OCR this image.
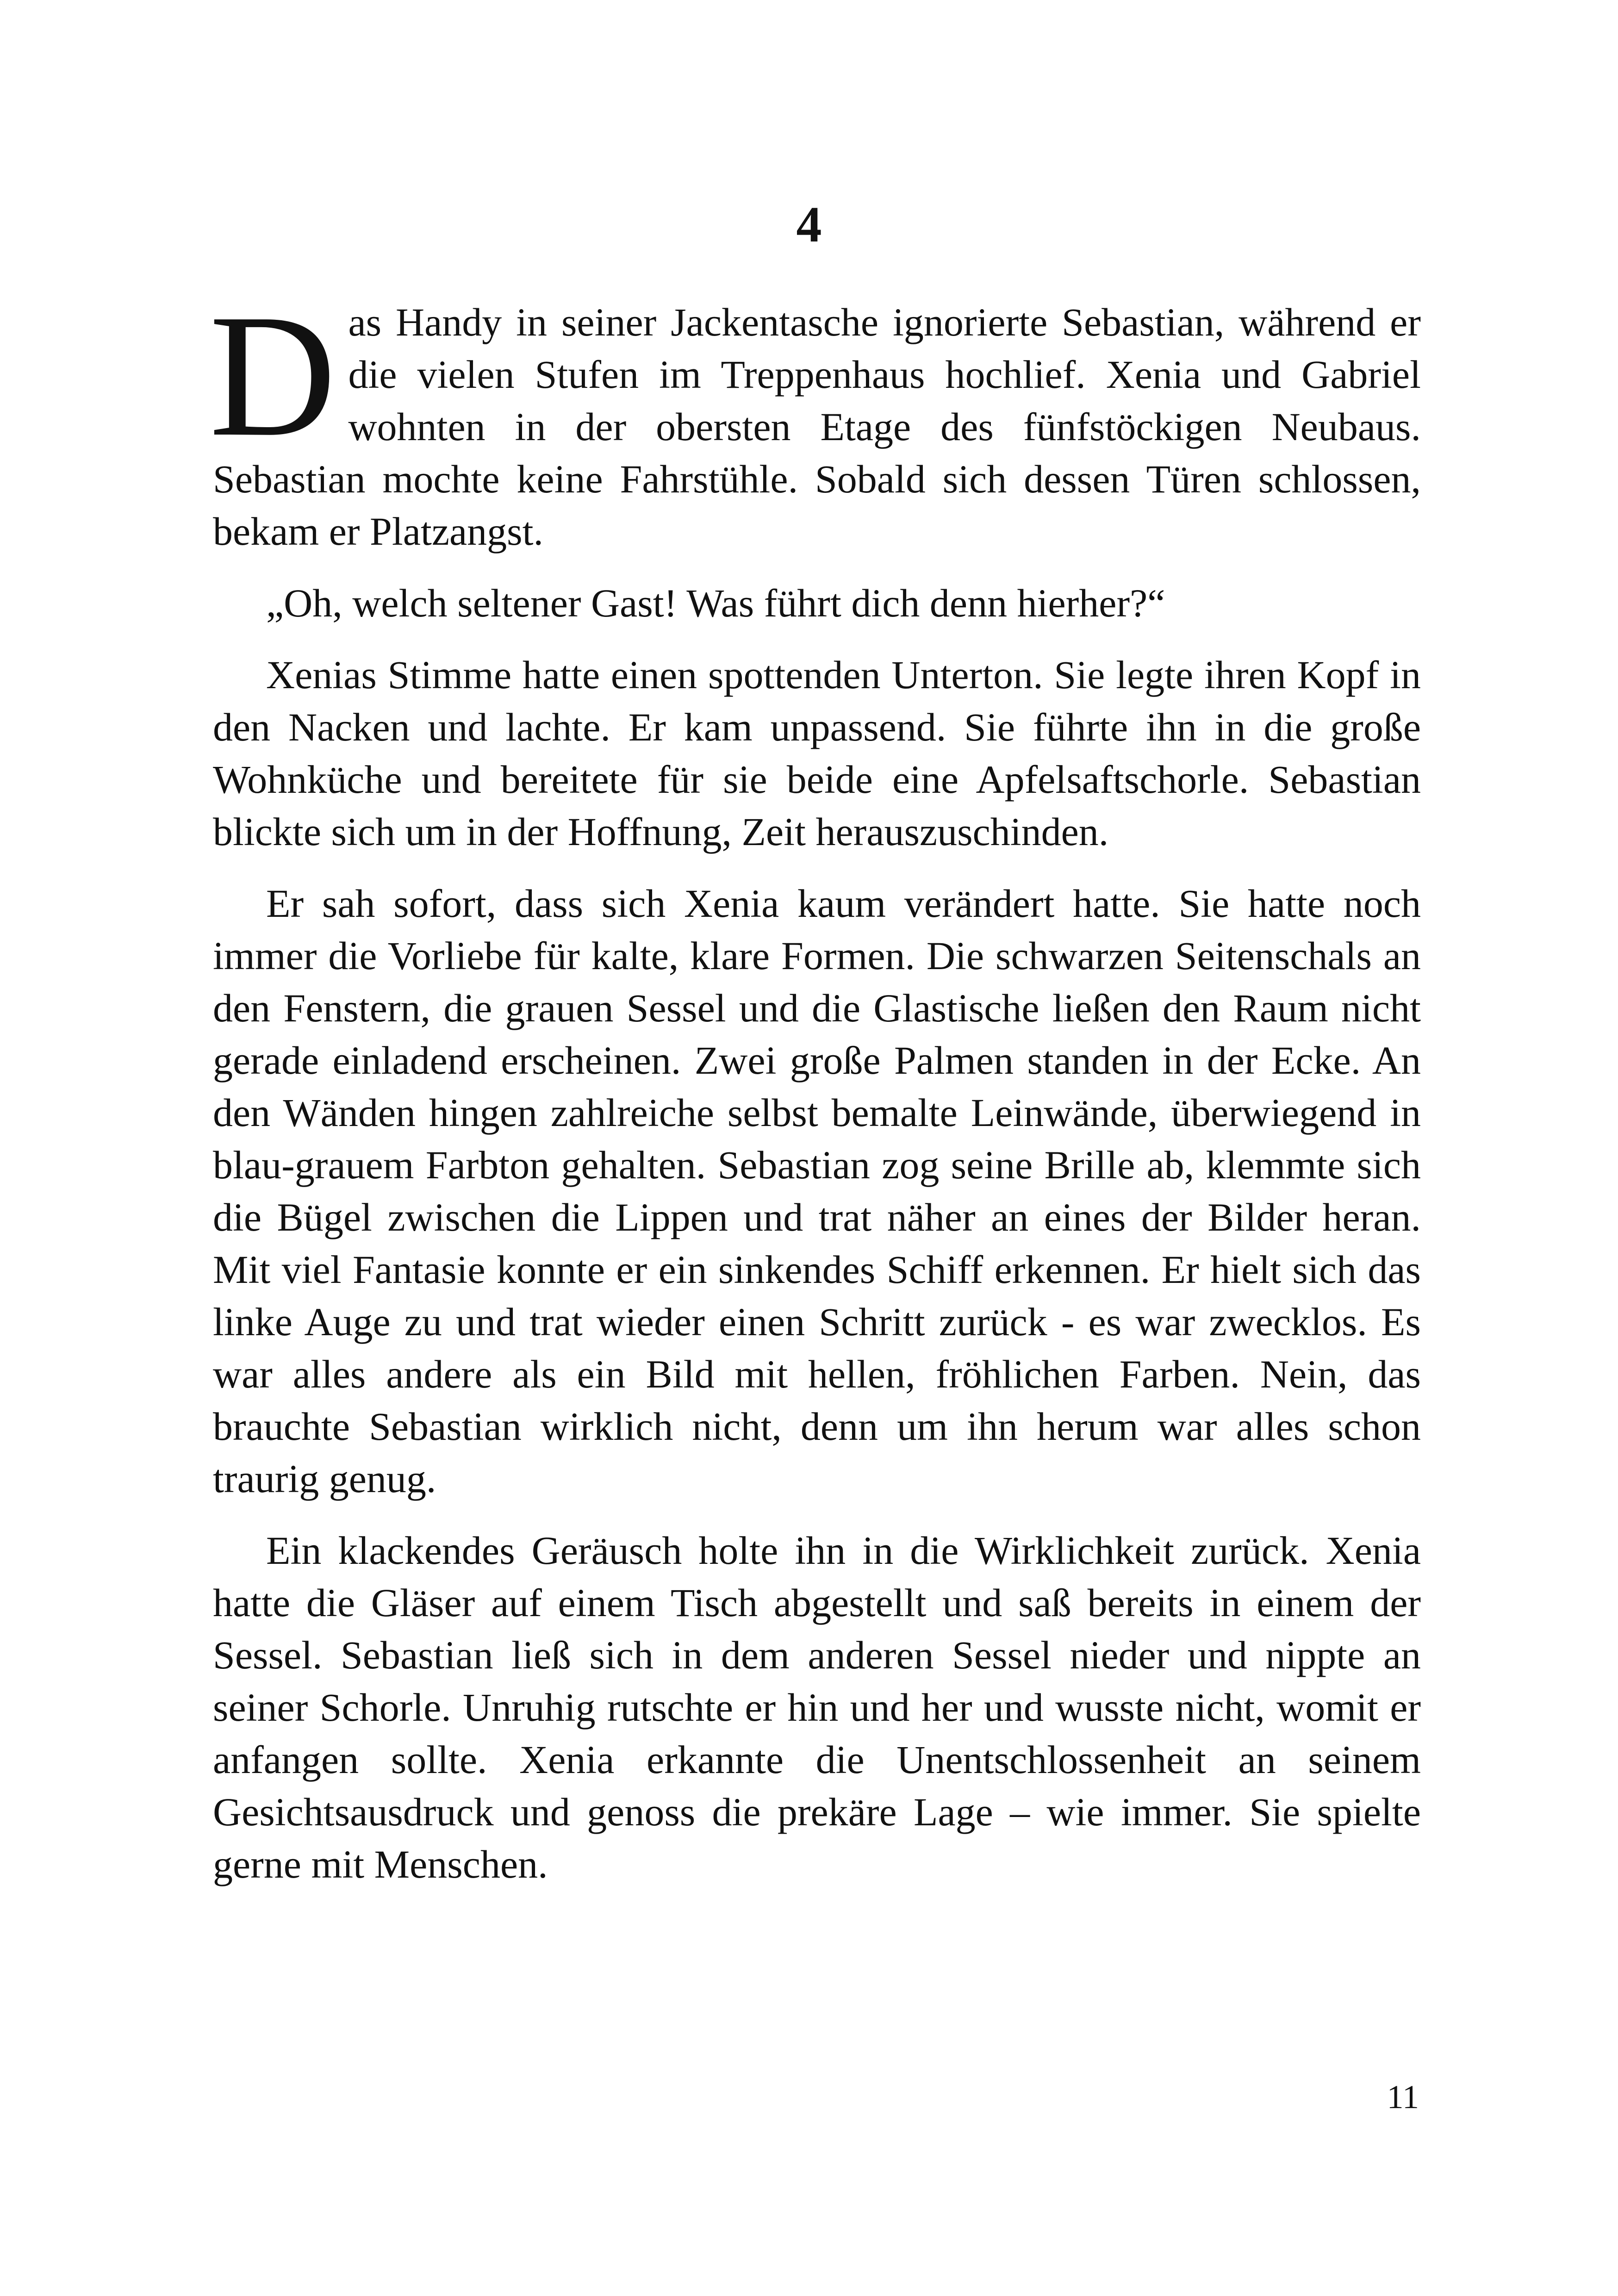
4

Das Handy in seiner Jackentasche ignorierte Sebastian, während er die vielen Stufen im Treppenhaus hochlief. Xenia und Gabriel wohnten in der obersten Etage des fünfstöckigen Neubaus. Sebastian mochte keine Fahrstühle. Sobald sich dessen Türen schlossen, bekam er Platzangst.

„Oh, welch seltener Gast! Was führt dich denn hierher?“

Xenias Stimme hatte einen spottenden Unterton. Sie legte ihren Kopf in den Nacken und lachte. Er kam unpassend. Sie führte ihn in die große Wohnküche und bereitete für sie beide eine Apfelsaftschorle. Sebastian blickte sich um in der Hoffnung, Zeit herauszuschinden.

Er sah sofort, dass sich Xenia kaum verändert hatte. Sie hatte noch immer die Vorliebe für kalte, klare Formen. Die schwarzen Seitenschals an den Fenstern, die grauen Sessel und die Glastische ließen den Raum nicht gerade einladend erscheinen. Zwei große Palmen standen in der Ecke. An den Wänden hingen zahlreiche selbst bemalte Leinwände, überwiegend in blau-grauem Farbton gehalten. Sebastian zog seine Brille ab, klemmte sich die Bügel zwischen die Lippen und trat näher an eines der Bilder heran. Mit viel Fantasie konnte er ein sinkendes Schiff erkennen. Er hielt sich das linke Auge zu und trat wieder einen Schritt zurück - es war zwecklos. Es war alles andere als ein Bild mit hellen, fröhlichen Farben. Nein, das brauchte Sebastian wirklich nicht, denn um ihn herum war alles schon traurig genug.

Ein klackendes Geräusch holte ihn in die Wirklichkeit zurück. Xenia hatte die Gläser auf einem Tisch abgestellt und saß bereits in einem der Sessel. Sebastian ließ sich in dem anderen Sessel nieder und nippte an seiner Schorle. Unruhig rutschte er hin und her und wusste nicht, womit er anfangen sollte. Xenia erkannte die Unentschlossenheit an seinem Gesichtsausdruck und genoss die prekäre Lage – wie immer. Sie spielte gerne mit Menschen.

11
